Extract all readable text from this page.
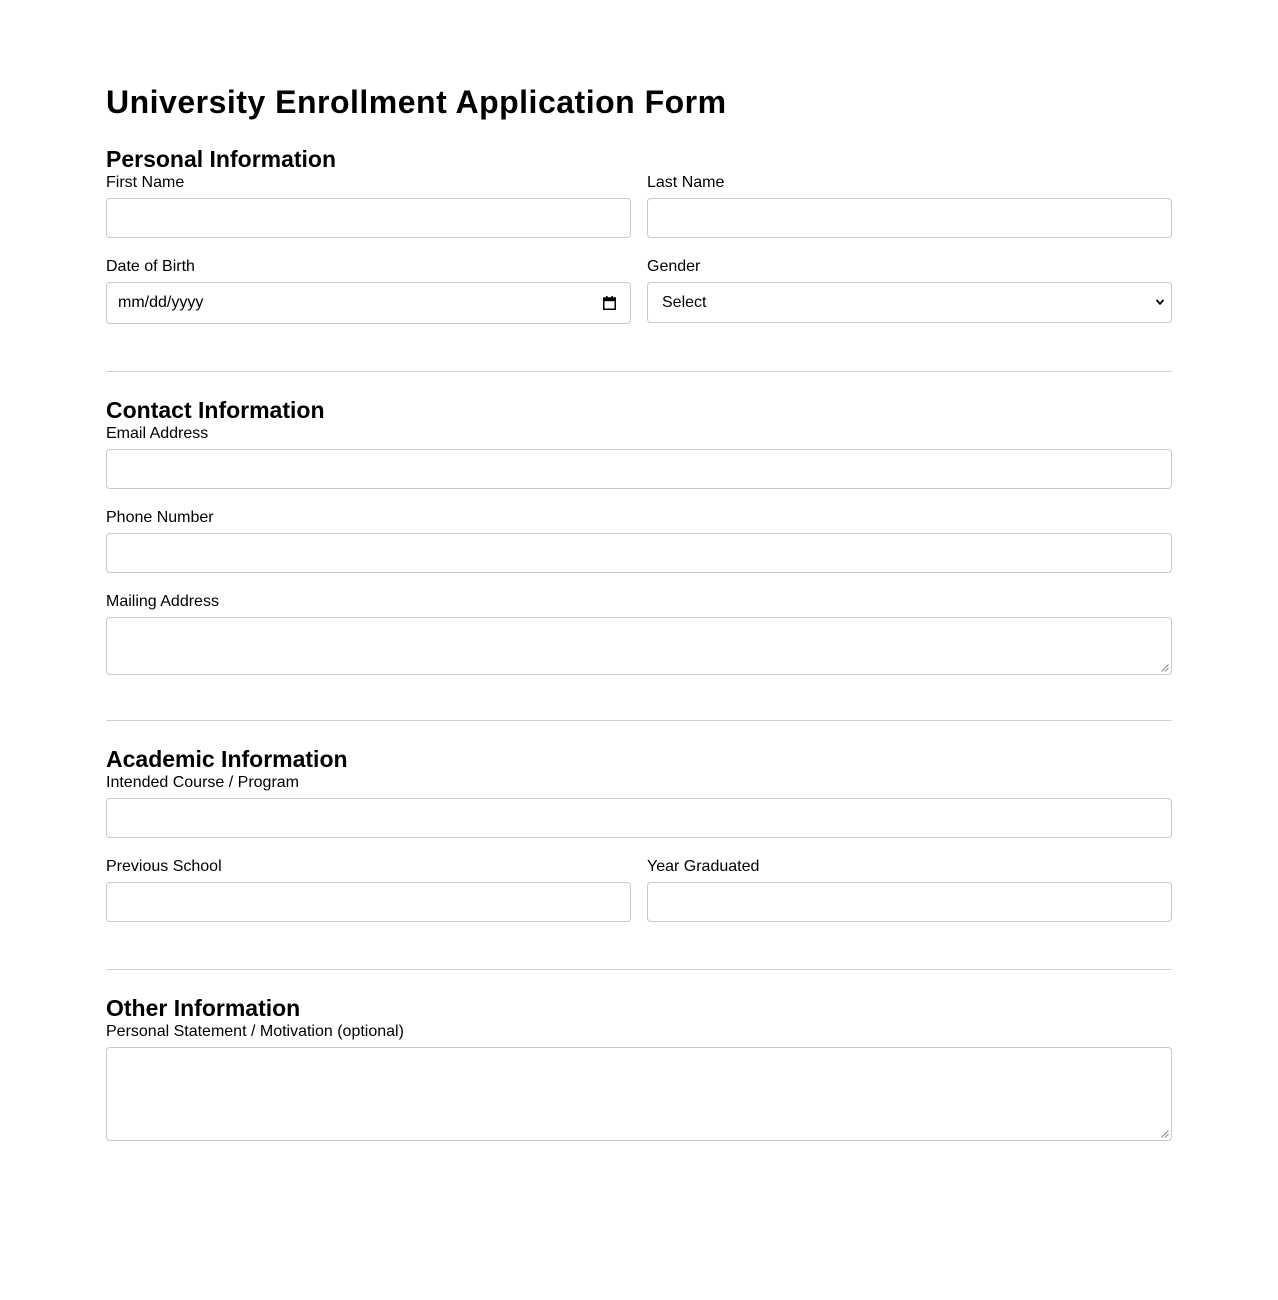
University Enrollment Application Form
Personal Information
First Name	Last Name
Date of Birth
mm/dd/yyyy
Gender
Select
Contact Information
Email Address
Phone Number
Mailing Address
Academic Information
Intended Course / Program
Previous School	Year Graduated
Other Information
Personal Statement / Motivation (optional)
